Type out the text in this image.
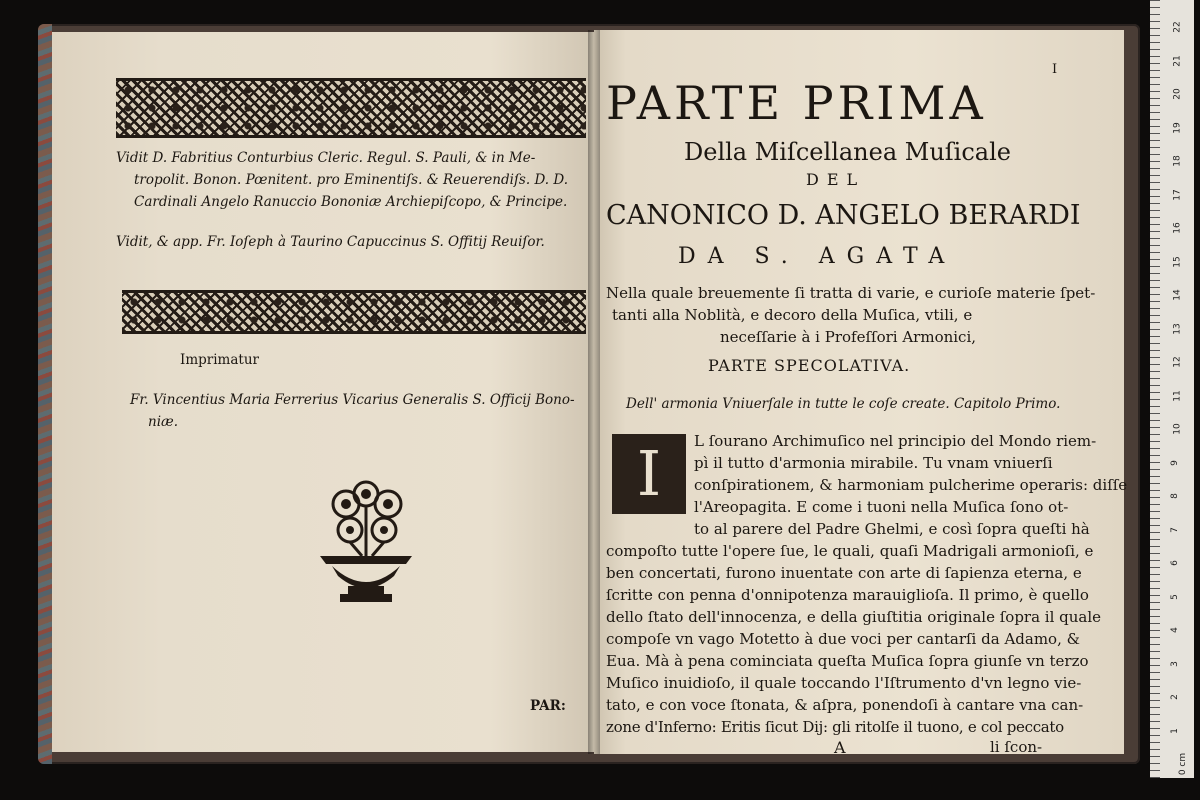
Vidit D. Fabritius Conturbius Cleric. Regul. S. Pauli, & in Me-
tropolit. Bonon. Pœnitent. pro Eminentiſs. & Reuerendiſs. D. D.
Cardinali Angelo Ranuccio Bononiæ Archiepiſcopo, & Principe.
Vidit, & app. Fr. Ioſeph à Taurino Capuccinus S. Offitij Reuiſor.
Imprimatur
Fr. Vincentius Maria Ferrerius Vicarius Generalis S. Officij Bono-
niæ.
PAR:
I
PARTE PRIMA
Della Miſcellanea Muſicale
DEL
CANONICO D. ANGELO BERARDI
DA S. AGATA
Nella quale breuemente ſi tratta di varie, e curioſe materie ſpet-
tanti alla Noblità, e decoro della Muſica, vtili, e
neceſſarie à i Profeſſori Armonici,
PARTE SPECOLATIVA.
Dell' armonia Vniuerſale in tutte le coſe create. Capitolo Primo.
I	L ſourano Archimuſico nel principio del Mondo riem-
pì il tutto d'armonia mirabile. Tu vnam vniuerſi
conſpirationem, & harmoniam pulcherime operaris: diſſe
l'Areopagita. E come i tuoni nella Muſica ſono ot-
to al parere del Padre Ghelmi, e così ſopra queſti hà
compoſto tutte l'opere ſue, le quali, quaſi Madrigali armonioſi, e
ben concertati, furono inuentate con arte di ſapienza eterna, e
ſcritte con penna d'onnipotenza marauiglioſa. Il primo, è quello
dello ſtato dell'innocenza, e della giuſtitia originale ſopra il quale
compoſe vn vago Motetto à due voci per cantarſi da Adamo, &
Eua. Mà à pena cominciata queſta Muſica ſopra giunſe vn terzo
Muſico inuidioſo, il quale toccando l'Iſtrumento d'vn legno vie-
tato, e con voce ſtonata, & aſpra, ponendoſi à cantare vna can-
zone d'Inferno: Eritis ſicut Dij: gli ritolſe il tuono, e col peccato
A	li ſcon-
22
21
20
19
18
17
16
15
14
13
12
11
10
9
8
7
6
5
4
3
2
1
0 cm
